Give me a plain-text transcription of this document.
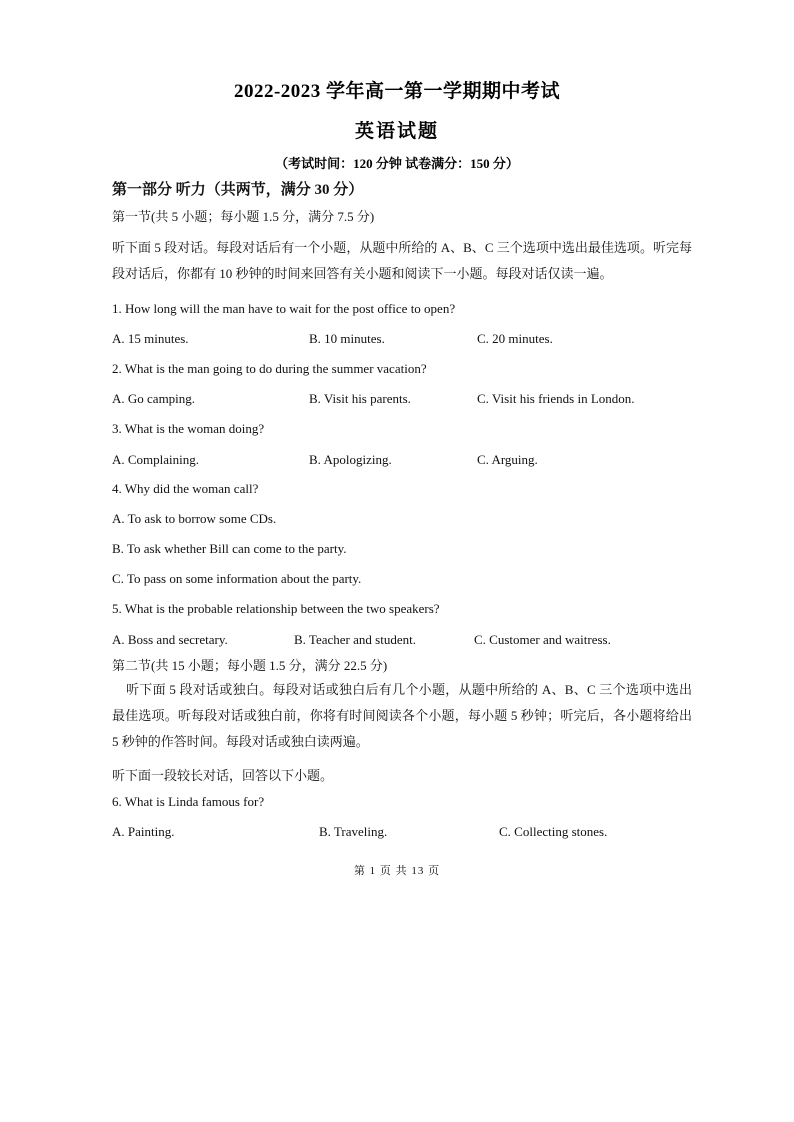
2022-2023 学年高一第一学期期中考试
英语试题
（考试时间：120 分钟 试卷满分：150 分）
第一部分 听力（共两节，满分 30 分）
第一节(共 5 小题；每小题 1.5 分，满分 7.5 分)
听下面 5 段对话。每段对话后有一个小题，从题中所给的 A、B、C 三个选项中选出最佳选项。听完每段对话后，你都有 10 秒钟的时间来回答有关小题和阅读下一小题。每段对话仅读一遍。
1. How long will the man have to wait for the post office to open?
A. 15 minutes.	B. 10 minutes.	C. 20 minutes.
2. What is the man going to do during the summer vacation?
A. Go camping.	B. Visit his parents.	C. Visit his friends in London.
3. What is the woman doing?
A. Complaining.	B. Apologizing.	C. Arguing.
4. Why did the woman call?
A. To ask to borrow some CDs.
B. To ask whether Bill can come to the party.
C. To pass on some information about the party.
5. What is the probable relationship between the two speakers?
A. Boss and secretary.	B. Teacher and student.	C. Customer and waitress.
第二节(共 15 小题；每小题 1.5 分，满分 22.5 分)
听下面 5 段对话或独白。每段对话或独白后有几个小题，从题中所给的 A、B、C 三个选项中选出最佳选项。听每段对话或独白前，你将有时间阅读各个小题，每小题 5 秒钟；听完后，各小题将给出 5 秒钟的作答时间。每段对话或独白读两遍。
听下面一段较长对话，回答以下小题。
6. What is Linda famous for?
A. Painting.	B. Traveling.	C. Collecting stones.
第 1 页 共 13 页
